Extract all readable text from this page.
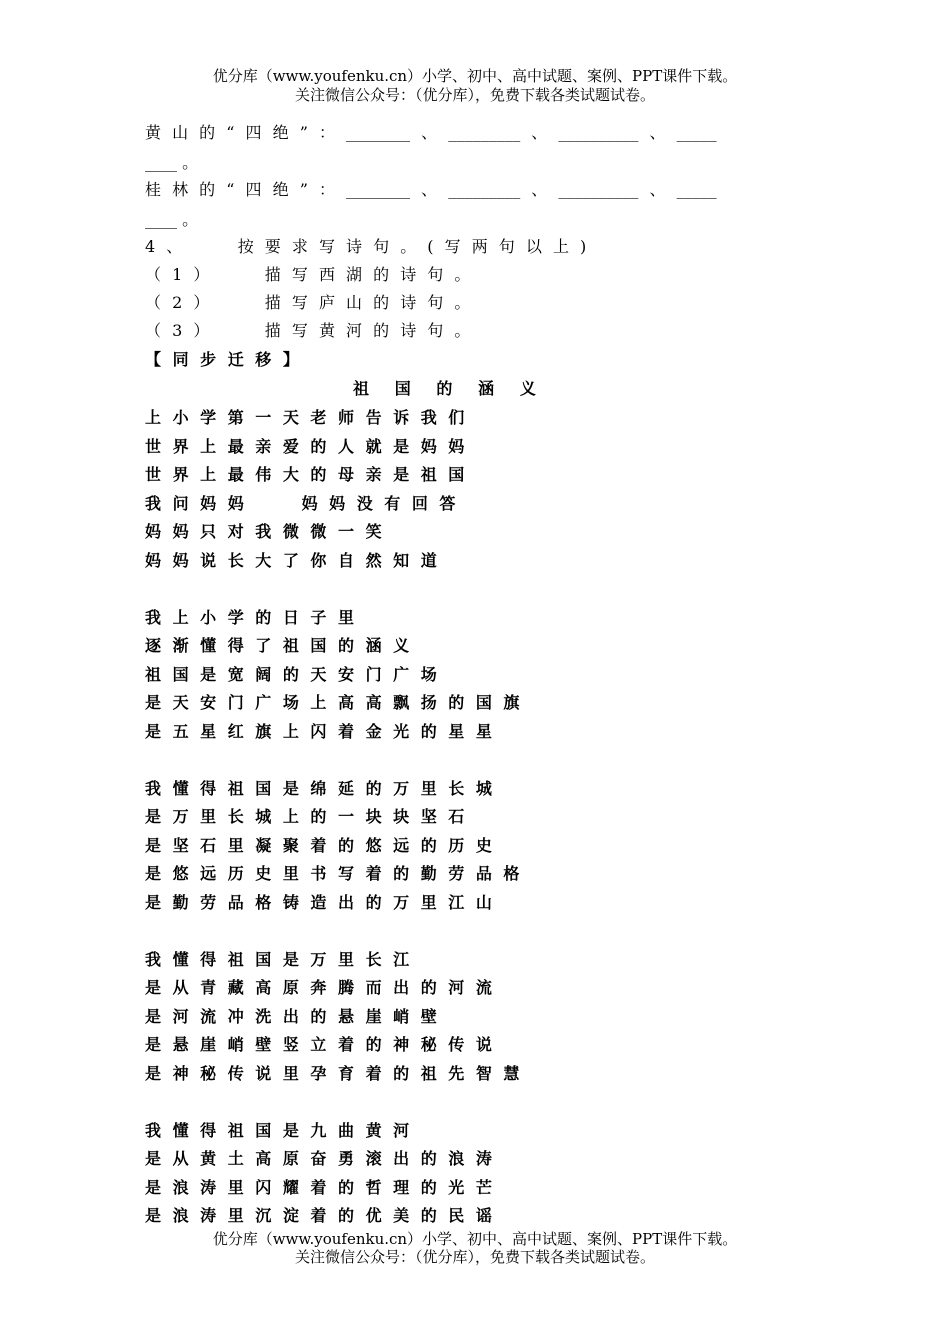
优分库（www.youfenku.cn）小学、初中、高中试题、案例、PPT课件下载。
关注微信公众号：（优分库），免费下载各类试题试卷。
黄 山 的 “ 四 绝 ” ： ________ 、 _________ 、 __________ 、 _____
____ 。
桂 林 的 “ 四 绝 ” ： ________ 、 _________ 、 __________ 、 _____
____ 。
4 、     按 要 求 写 诗 句 。 ( 写 两 句 以 上 )
（ 1 ）     描 写 西 湖 的 诗 句 。
（ 2 ）     描 写 庐 山 的 诗 句 。
（ 3 ）     描 写 黄 河 的 诗 句 。
【 同 步 迁 移 】
祖   国   的   涵   义
上 小 学 第 一 天 老 师 告 诉 我 们
世 界 上 最 亲 爱 的 人 就 是 妈 妈
世 界 上 最 伟 大 的 母 亲 是 祖 国
我 问 妈 妈     妈 妈 没 有 回 答
妈 妈 只 对 我 微 微 一 笑
妈 妈 说 长 大 了 你 自 然 知 道
我 上 小 学 的 日 子 里
逐 渐 懂 得 了 祖 国 的 涵 义
祖 国 是 宽 阔 的 天 安 门 广 场
是 天 安 门 广 场 上 高 高 飘 扬 的 国 旗
是 五 星 红 旗 上 闪 着 金 光 的 星 星
我 懂 得 祖 国 是 绵 延 的 万 里 长 城
是 万 里 长 城 上 的 一 块 块 坚 石
是 坚 石 里 凝 聚 着 的 悠 远 的 历 史
是 悠 远 历 史 里 书 写 着 的 勤 劳 品 格
是 勤 劳 品 格 铸 造 出 的 万 里 江 山
我 懂 得 祖 国 是 万 里 长 江
是 从 青 藏 高 原 奔 腾 而 出 的 河 流
是 河 流 冲 洗 出 的 悬 崖 峭 壁
是 悬 崖 峭 壁 竖 立 着 的 神 秘 传 说
是 神 秘 传 说 里 孕 育 着 的 祖 先 智 慧
我 懂 得 祖 国 是 九 曲 黄 河
是 从 黄 土 高 原 奋 勇 滚 出 的 浪 涛
是 浪 涛 里 闪 耀 着 的 哲 理 的 光 芒
是 浪 涛 里 沉 淀 着 的 优 美 的 民 谣
优分库（www.youfenku.cn）小学、初中、高中试题、案例、PPT课件下载。
关注微信公众号：（优分库），免费下载各类试题试卷。
